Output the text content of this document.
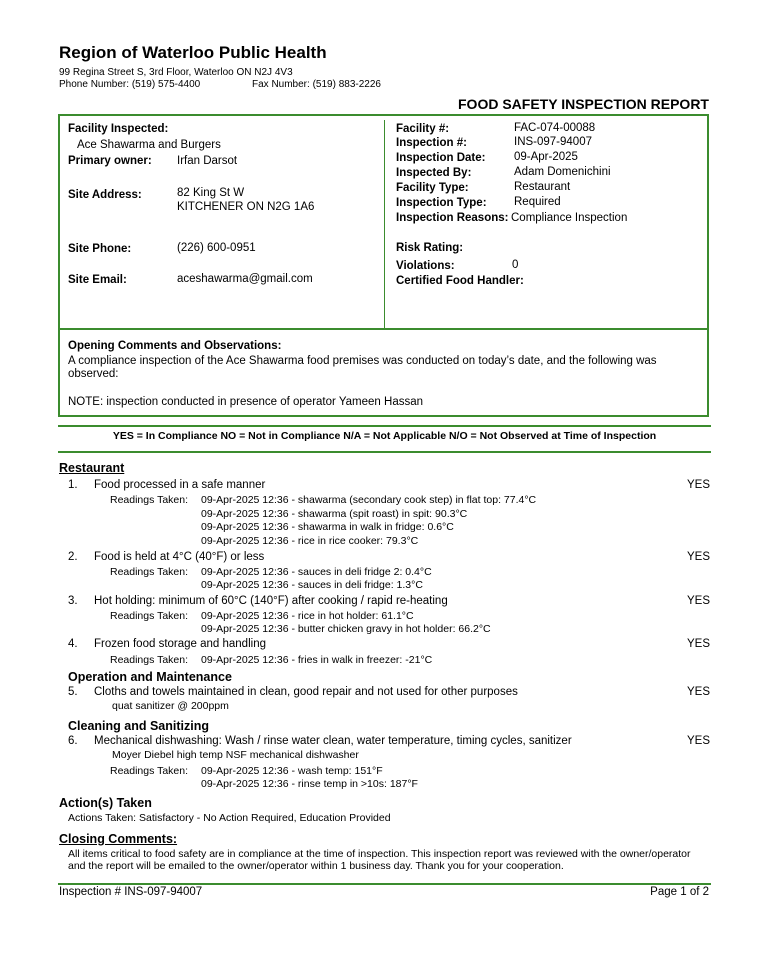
Region of Waterloo Public Health
99 Regina Street S, 3rd Floor, Waterloo ON N2J 4V3
Phone Number: (519) 575-4400	Fax Number: (519) 883-2226
FOOD SAFETY INSPECTION REPORT
Facility Inspected:
Ace Shawarma and Burgers
Primary owner: Irfan Darsot
Site Address:	82 King St W
KITCHENER ON N2G 1A6
Site Phone:	(226) 600-0951
Site Email:	aceshawarma@gmail.com
Facility #:	FAC-074-00088
Inspection #:	INS-097-94007
Inspection Date: 09-Apr-2025
Inspected By:	Adam Domenichini
Facility Type:	Restaurant
Inspection Type: Required
Inspection Reasons: Compliance Inspection
Risk Rating:
Violations:	0
Certified Food Handler:
Opening Comments and Observations:
A compliance inspection of the Ace Shawarma food premises was conducted on today’s date, and the following was observed:
NOTE: inspection conducted in presence of operator Yameen Hassan
YES = In Compliance NO = Not in Compliance N/A = Not Applicable N/O = Not Observed at Time of Inspection
Restaurant
1. Food processed in a safe manner	YES
Readings Taken: 09-Apr-2025 12:36 - shawarma (secondary cook step) in flat top: 77.4°C
09-Apr-2025 12:36 - shawarma (spit roast) in spit: 90.3°C
09-Apr-2025 12:36 - shawarma in walk in fridge: 0.6°C
09-Apr-2025 12:36 - rice in rice cooker: 79.3°C
2. Food is held at 4°C (40°F) or less	YES
Readings Taken: 09-Apr-2025 12:36 - sauces in deli fridge 2: 0.4°C
09-Apr-2025 12:36 - sauces in deli fridge: 1.3°C
3. Hot holding: minimum of 60°C (140°F) after cooking / rapid re-heating	YES
Readings Taken: 09-Apr-2025 12:36 - rice in hot holder: 61.1°C
09-Apr-2025 12:36 - butter chicken gravy in hot holder: 66.2°C
4. Frozen food storage and handling	YES
Readings Taken: 09-Apr-2025 12:36 - fries in walk in freezer: -21°C
Operation and Maintenance
5. Cloths and towels maintained in clean, good repair and not used for other purposes	YES
quat sanitizer @ 200ppm
Cleaning and Sanitizing
6. Mechanical dishwashing: Wash / rinse water clean, water temperature, timing cycles, sanitizer	YES
Moyer Diebel high temp NSF mechanical dishwasher
Readings Taken: 09-Apr-2025 12:36 - wash temp: 151°F
09-Apr-2025 12:36 - rinse temp in >10s: 187°F
Action(s) Taken
Actions Taken: Satisfactory - No Action Required, Education Provided
Closing Comments:
All items critical to food safety are in compliance at the time of inspection. This inspection report was reviewed with the owner/operator and the report will be emailed to the owner/operator within 1 business day. Thank you for your cooperation.
Inspection # INS-097-94007	Page 1 of 2
